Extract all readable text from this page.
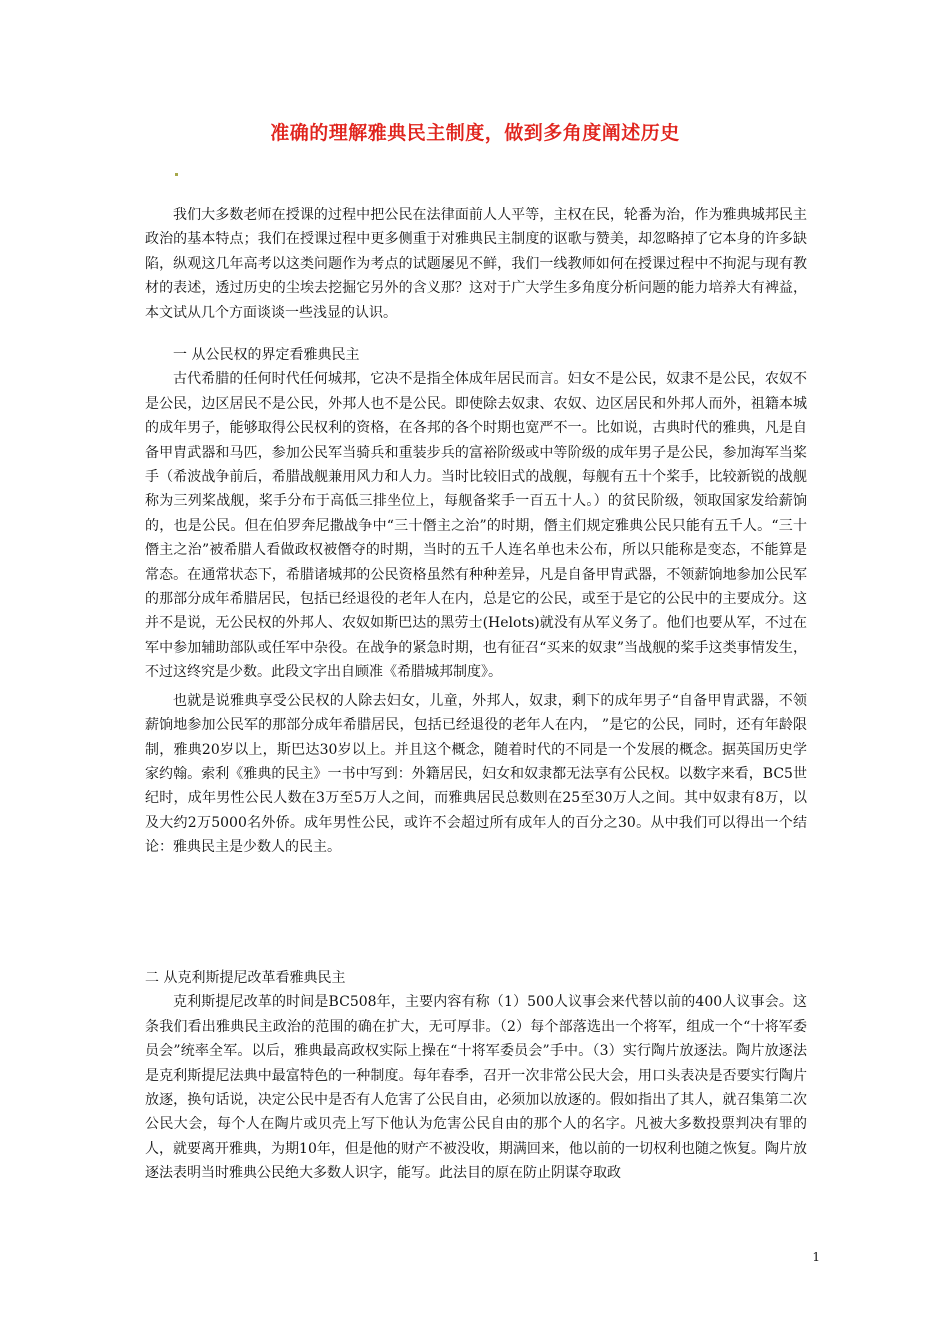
准确的理解雅典民主制度，做到多角度阐述历史

我们大多数老师在授课的过程中把公民在法律面前人人平等，主权在民，轮番为治，作为雅典城邦民主政治的基本特点；我们在授课过程中更多侧重于对雅典民主制度的讴歌与赞美，却忽略掉了它本身的许多缺陷，纵观这几年高考以这类问题作为考点的试题屡见不鲜，我们一线教师如何在授课过程中不拘泥与现有教材的表述，透过历史的尘埃去挖掘它另外的含义那？这对于广大学生多角度分析问题的能力培养大有裨益，本文试从几个方面谈谈一些浅显的认识。

一 从公民权的界定看雅典民主

古代希腊的任何时代任何城邦，它决不是指全体成年居民而言。妇女不是公民，奴隶不是公民，农奴不是公民，边区居民不是公民，外邦人也不是公民。即使除去奴隶、农奴、边区居民和外邦人而外，祖籍本城的成年男子，能够取得公民权利的资格，在各邦的各个时期也宽严不一。比如说，古典时代的雅典，凡是自备甲胄武器和马匹，参加公民军当骑兵和重装步兵的富裕阶级或中等阶级的成年男子是公民，参加海军当桨手（希波战争前后，希腊战舰兼用风力和人力。当时比较旧式的战舰，每舰有五十个桨手，比较新锐的战舰称为三列桨战舰，桨手分布于高低三排坐位上，每舰备桨手一百五十人。）的贫民阶级，领取国家发给薪饷的，也是公民。但在伯罗奔尼撒战争中“三十僭主之治”的时期，僭主们规定雅典公民只能有五千人。“三十僭主之治”被希腊人看做政权被僭夺的时期，当时的五千人连名单也未公布，所以只能称是变态，不能算是常态。在通常状态下，希腊诸城邦的公民资格虽然有种种差异，凡是自备甲胄武器，不领薪饷地参加公民军的那部分成年希腊居民，包括已经退役的老年人在内，总是它的公民，或至于是它的公民中的主要成分。这并不是说，无公民权的外邦人、农奴如斯巴达的黑劳士(Helots)就没有从军义务了。他们也要从军，不过在军中参加辅助部队或任军中杂役。在战争的紧急时期，也有征召“买来的奴隶”当战舰的桨手这类事情发生，不过这终究是少数。此段文字出自顾准《希腊城邦制度》。

也就是说雅典享受公民权的人除去妇女，儿童，外邦人，奴隶，剩下的成年男子“自备甲胄武器，不领薪饷地参加公民军的那部分成年希腊居民，包括已经退役的老年人在内， ”是它的公民，同时，还有年龄限制，雅典20岁以上，斯巴达30岁以上。并且这个概念，随着时代的不同是一个发展的概念。据英国历史学家约翰。索利《雅典的民主》一书中写到：外籍居民，妇女和奴隶都无法享有公民权。以数字来看，BC5世纪时，成年男性公民人数在3万至5万人之间，而雅典居民总数则在25至30万人之间。其中奴隶有8万，以及大约2万5000名外侨。成年男性公民，或许不会超过所有成年人的百分之30。从中我们可以得出一个结论：雅典民主是少数人的民主。

二 从克利斯提尼改革看雅典民主

克利斯提尼改革的时间是BC508年，主要内容有称（1）500人议事会来代替以前的400人议事会。这条我们看出雅典民主政治的范围的确在扩大，无可厚非。（2）每个部落选出一个将军，组成一个“十将军委员会”统率全军。以后，雅典最高政权实际上操在“十将军委员会”手中。（3）实行陶片放逐法。陶片放逐法是克利斯提尼法典中最富特色的一种制度。每年春季，召开一次非常公民大会，用口头表决是否要实行陶片放逐，换句话说，决定公民中是否有人危害了公民自由，必须加以放逐的。假如指出了其人，就召集第二次公民大会，每个人在陶片或贝壳上写下他认为危害公民自由的那个人的名字。凡被大多数投票判决有罪的人，就要离开雅典，为期10年，但是他的财产不被没收，期满回来，他以前的一切权利也随之恢复。陶片放逐法表明当时雅典公民绝大多数人识字，能写。此法目的原在防止阴谋夺取政

1
